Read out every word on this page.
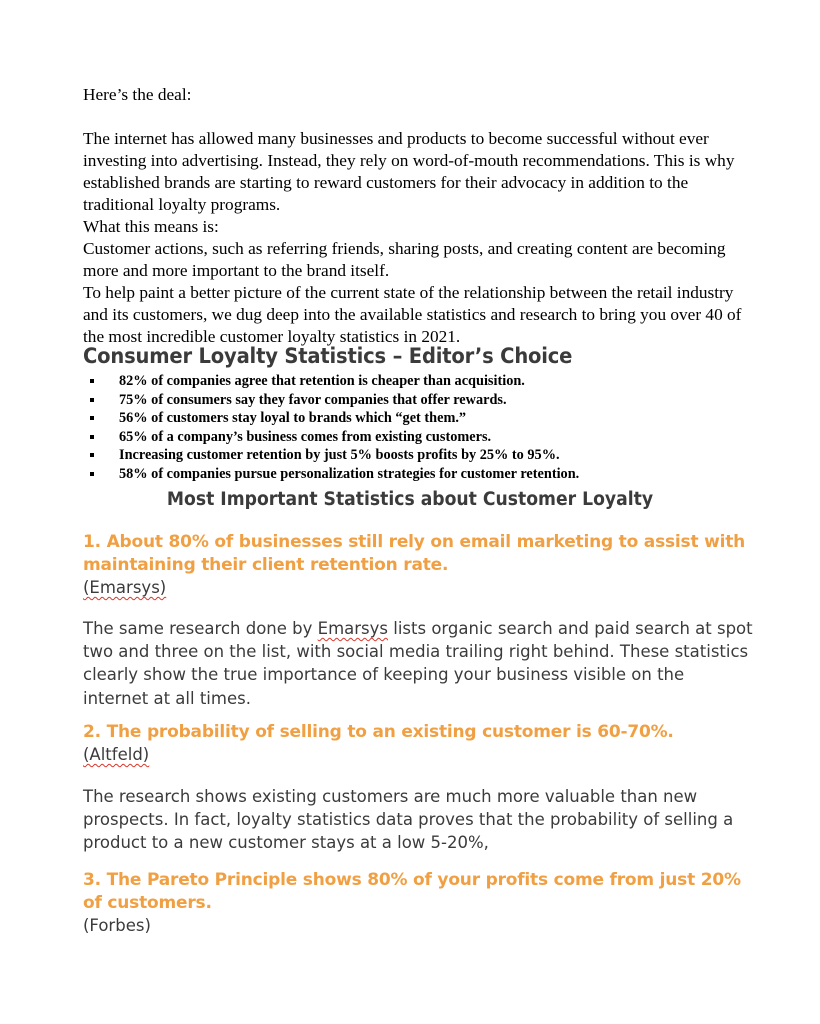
Here’s the deal:

The internet has allowed many businesses and products to become successful without ever investing into advertising. Instead, they rely on word-of-mouth recommendations. This is why established brands are starting to reward customers for their advocacy in addition to the traditional loyalty programs.

What this means is:

Customer actions, such as referring friends, sharing posts, and creating content are becoming more and more important to the brand itself.

To help paint a better picture of the current state of the relationship between the retail industry and its customers, we dug deep into the available statistics and research to bring you over 40 of the most incredible customer loyalty statistics in 2021.

Consumer Loyalty Statistics – Editor’s Choice
82% of companies agree that retention is cheaper than acquisition.
75% of consumers say they favor companies that offer rewards.
56% of customers stay loyal to brands which “get them.”
65% of a company’s business comes from existing customers.
Increasing customer retention by just 5% boosts profits by 25% to 95%.
58% of companies pursue personalization strategies for customer retention.
Most Important Statistics about Customer Loyalty

1. About 80% of businesses still rely on email marketing to assist with maintaining their client retention rate.

(Emarsys)

The same research done by Emarsys lists organic search and paid search at spot two and three on the list, with social media trailing right behind. These statistics clearly show the true importance of keeping your business visible on the internet at all times.

2. The probability of selling to an existing customer is 60-70%.

(Altfeld)

The research shows existing customers are much more valuable than new prospects. In fact, loyalty statistics data proves that the probability of selling a product to a new customer stays at a low 5-20%,

3. The Pareto Principle shows 80% of your profits come from just 20% of customers.

(Forbes)
